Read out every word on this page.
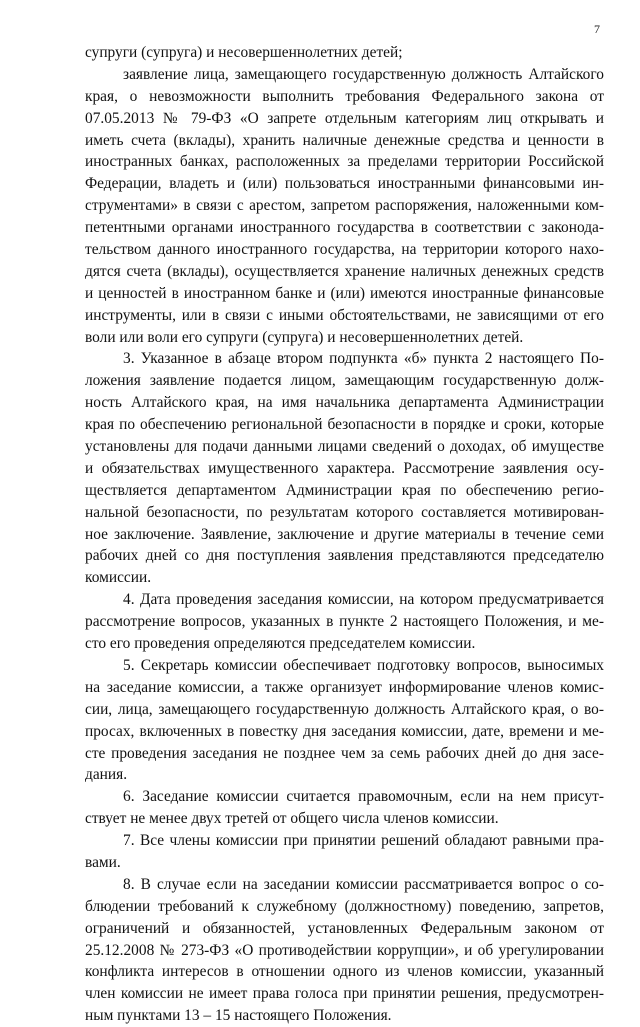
7
супруги (супруга) и несовершеннолетних детей;
заявление лица, замещающего государственную должность Алтайского
края, о невозможности выполнить требования Федерального закона от
07.05.2013 № 79-ФЗ «О запрете отдельным категориям лиц открывать и
иметь счета (вклады), хранить наличные денежные средства и ценности в
иностранных банках, расположенных за пределами территории Российской
Федерации, владеть и (или) пользоваться иностранными финансовыми ин-
струментами» в связи с арестом, запретом распоряжения, наложенными ком-
петентными органами иностранного государства в соответствии с законода-
тельством данного иностранного государства, на территории которого нахо-
дятся счета (вклады), осуществляется хранение наличных денежных средств
и ценностей в иностранном банке и (или) имеются иностранные финансовые
инструменты, или в связи с иными обстоятельствами, не зависящими от его
воли или воли его супруги (супруга) и несовершеннолетних детей.
3. Указанное в абзаце втором подпункта «б» пункта 2 настоящего По-
ложения заявление подается лицом, замещающим государственную долж-
ность Алтайского края, на имя начальника департамента Администрации
края по обеспечению региональной безопасности в порядке и сроки, которые
установлены для подачи данными лицами сведений о доходах, об имуществе
и обязательствах имущественного характера. Рассмотрение заявления осу-
ществляется департаментом Администрации края по обеспечению регио-
нальной безопасности, по результатам которого составляется мотивирован-
ное заключение. Заявление, заключение и другие материалы в течение семи
рабочих дней со дня поступления заявления представляются председателю
комиссии.
4. Дата проведения заседания комиссии, на котором предусматривается
рассмотрение вопросов, указанных в пункте 2 настоящего Положения, и ме-
сто его проведения определяются председателем комиссии.
5. Секретарь комиссии обеспечивает подготовку вопросов, выносимых
на заседание комиссии, а также организует информирование членов комис-
сии, лица, замещающего государственную должность Алтайского края, о во-
просах, включенных в повестку дня заседания комиссии, дате, времени и ме-
сте проведения заседания не позднее чем за семь рабочих дней до дня засе-
дания.
6. Заседание комиссии считается правомочным, если на нем присут-
ствует не менее двух третей от общего числа членов комиссии.
7. Все члены комиссии при принятии решений обладают равными пра-
вами.
8. В случае если на заседании комиссии рассматривается вопрос о со-
блюдении требований к служебному (должностному) поведению, запретов,
ограничений и обязанностей, установленных Федеральным законом от
25.12.2008 № 273-ФЗ «О противодействии коррупции», и об урегулировании
конфликта интересов в отношении одного из членов комиссии, указанный
член комиссии не имеет права голоса при принятии решения, предусмотрен-
ным пунктами 13 – 15 настоящего Положения.
